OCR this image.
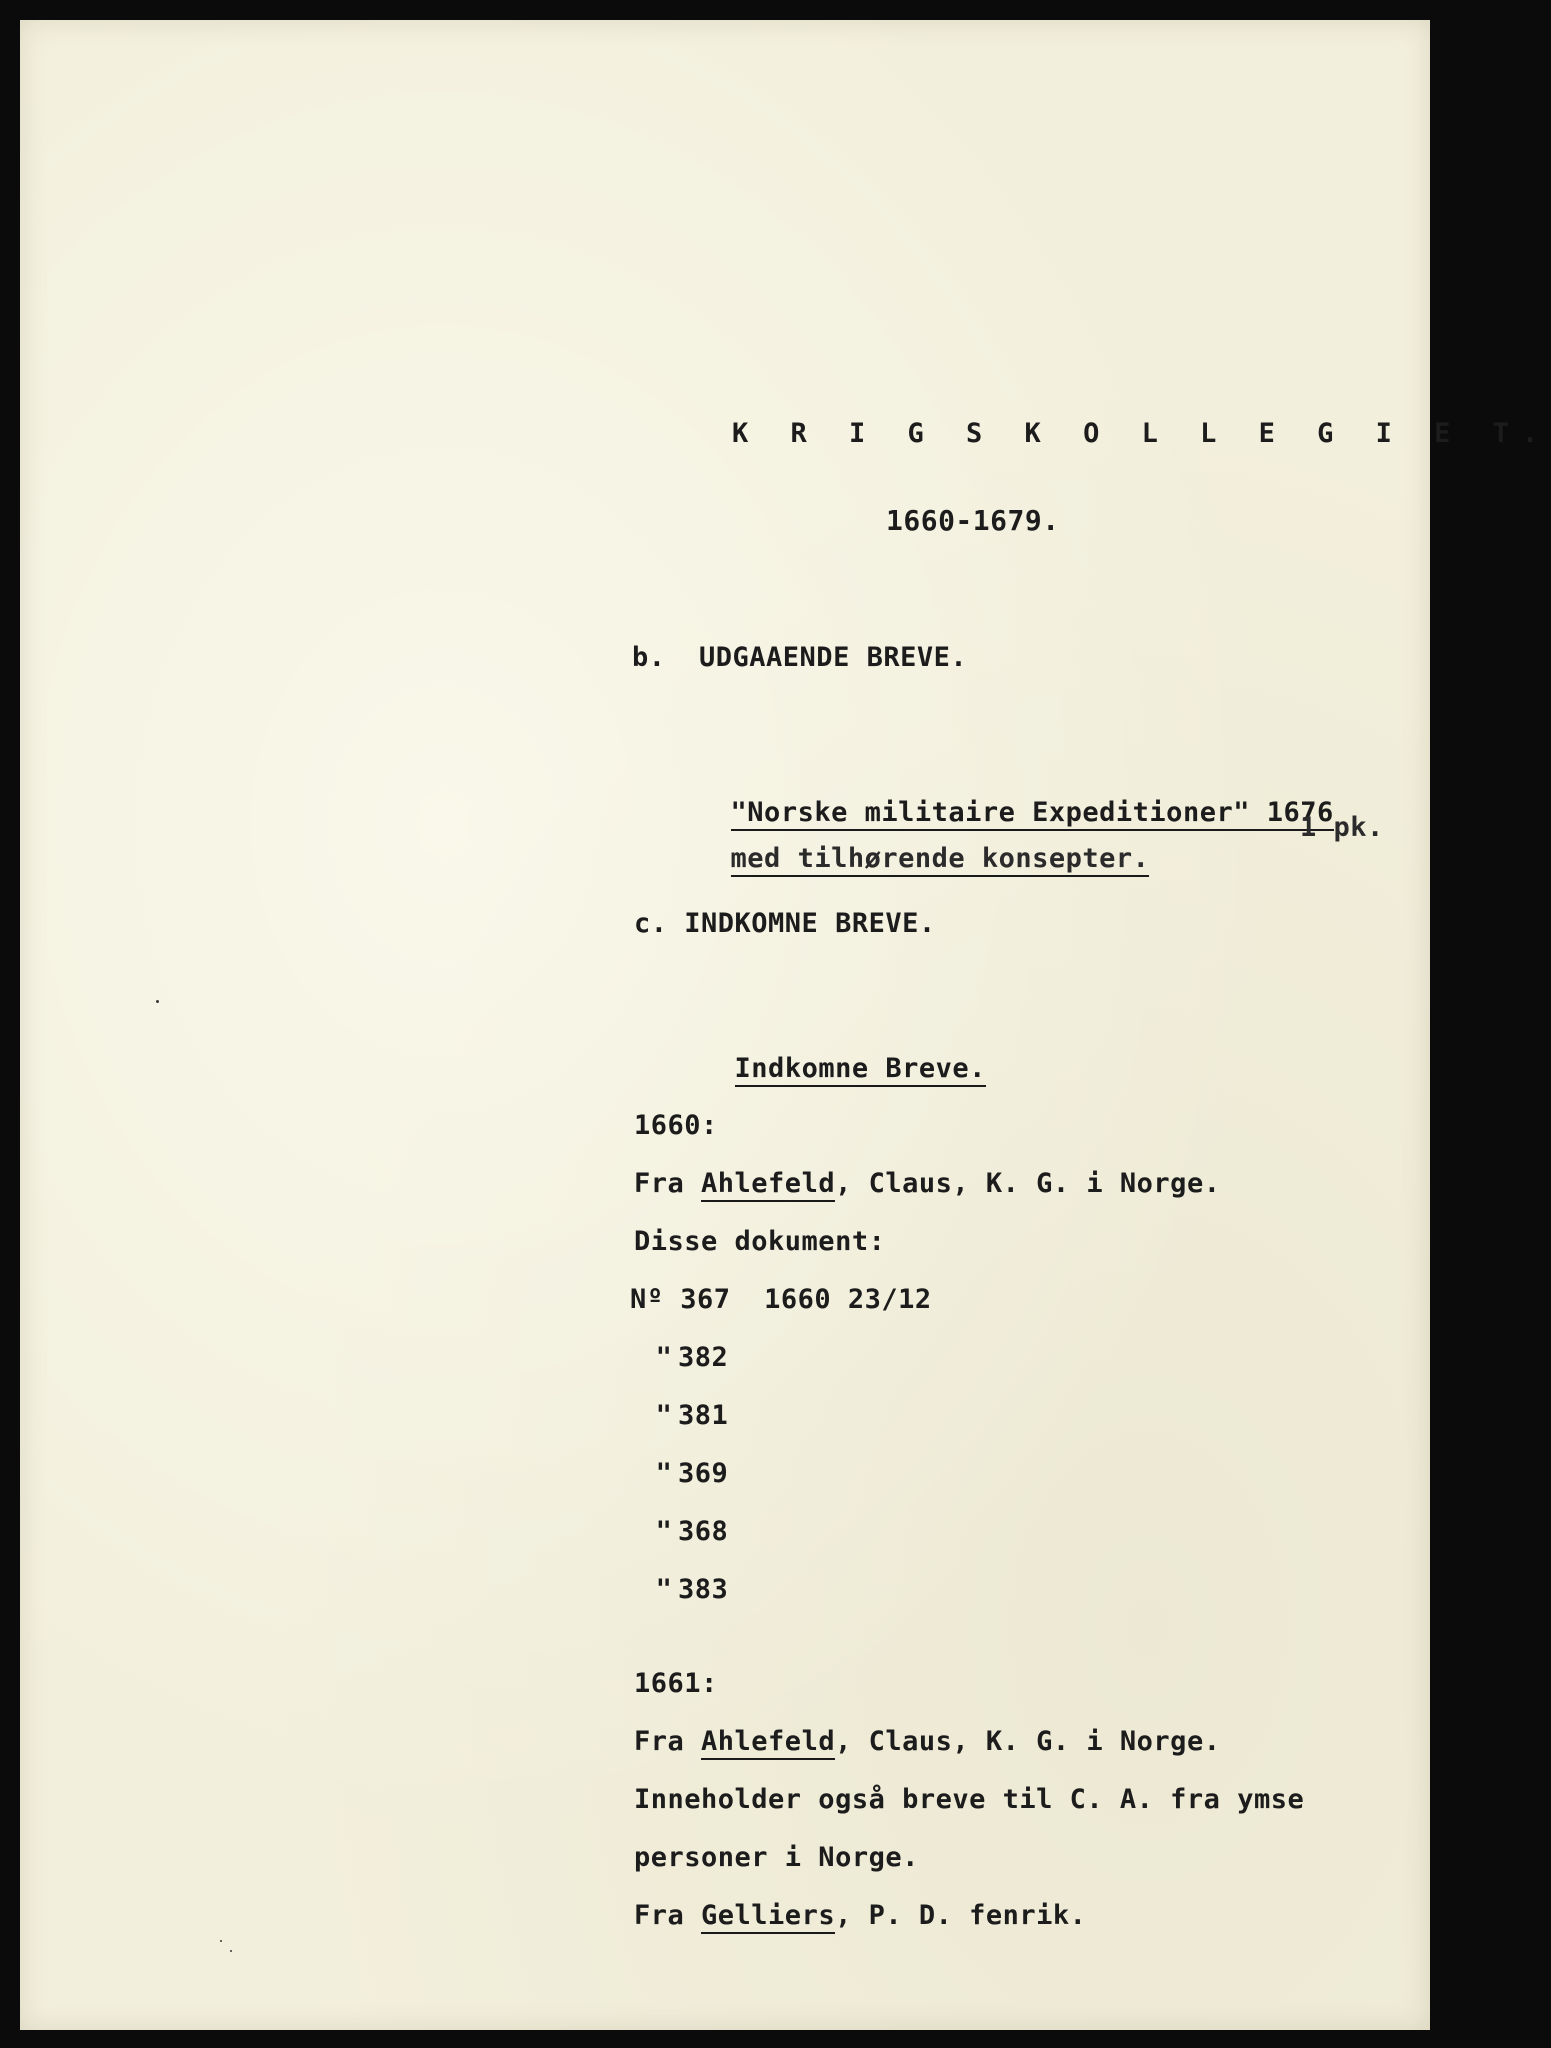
K R I G S K O L L E G I E T.
1660-1679.
b.  UDGAAENDE BREVE.

"Norske militaire Expeditioner" 1676

med tilhørende konsepter.

1 pk.
c. INDKOMNE BREVE.

Indkomne Breve.

1660:
Fra Ahlefeld, Claus, K. G. i Norge.
Disse dokument:
Nº 367 1660 23/12
" 382
" 381
" 369
" 368
" 383
1661:
Fra Ahlefeld, Claus, K. G. i Norge.
Inneholder også breve til C. A. fra ymse
personer i Norge.
Fra Gelliers, P. D. fenrik.
